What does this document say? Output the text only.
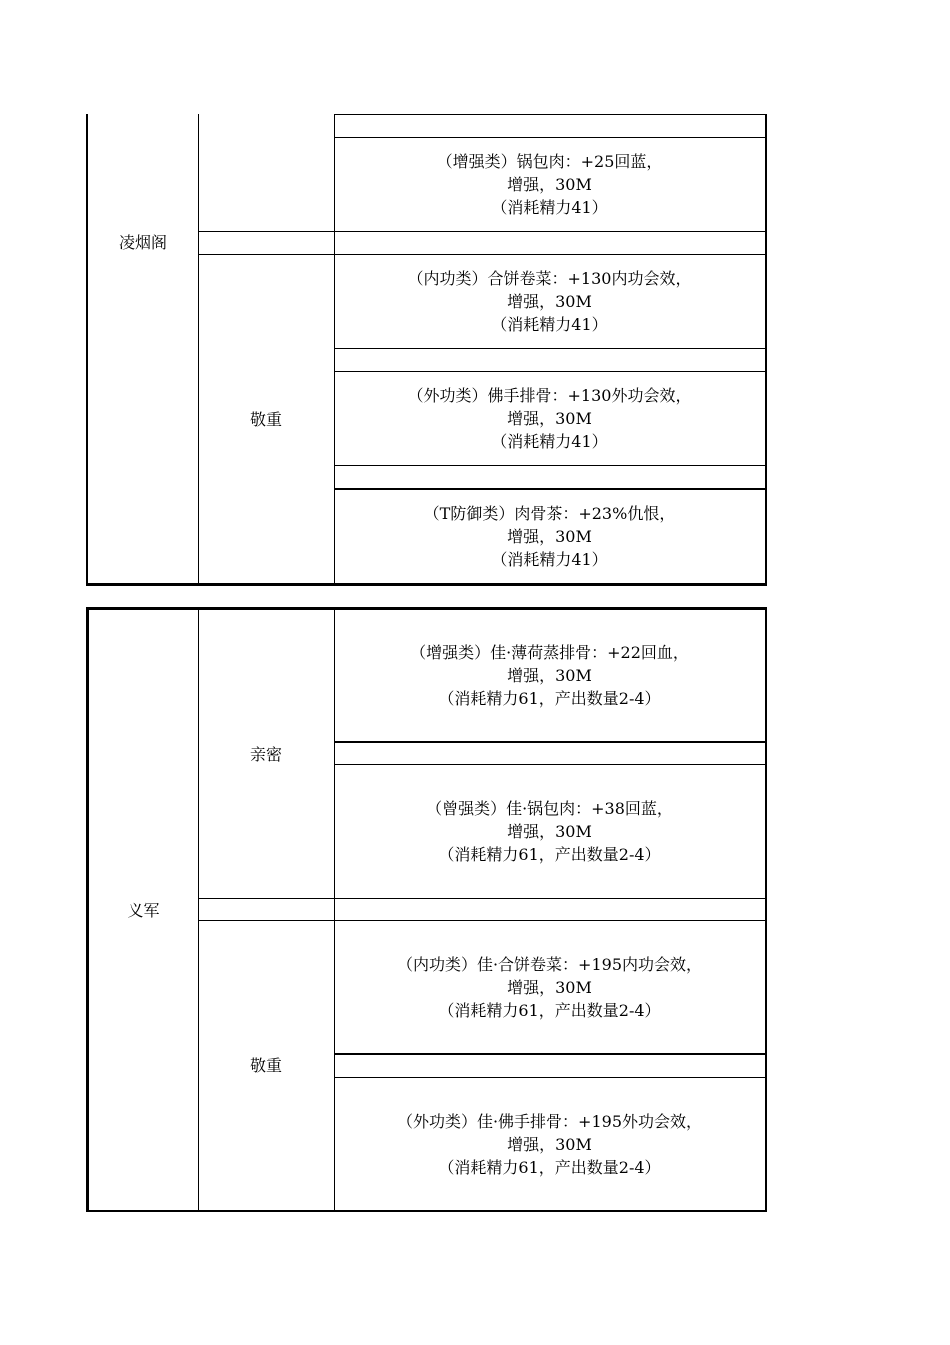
凌烟阁
敬重
（增强类）锅包肉：+25回蓝，
增强，30M
（消耗精力41）
（内功类）合饼卷菜：+130内功会效，
增强，30M
（消耗精力41）
（外功类）佛手排骨：+130外功会效，
增强，30M
（消耗精力41）
（T防御类）肉骨茶：+23%仇恨，
增强，30M
（消耗精力41）
义军
亲密
敬重
（增强类）佳·薄荷蒸排骨：+22回血，
增强，30M
（消耗精力61，产出数量2-4）
（曾强类）佳·锅包肉：+38回蓝，
增强，30M
（消耗精力61，产出数量2-4）
（内功类）佳·合饼卷菜：+195内功会效，
增强，30M
（消耗精力61，产出数量2-4）
（外功类）佳·佛手排骨：+195外功会效，
增强，30M
（消耗精力61，产出数量2-4）
